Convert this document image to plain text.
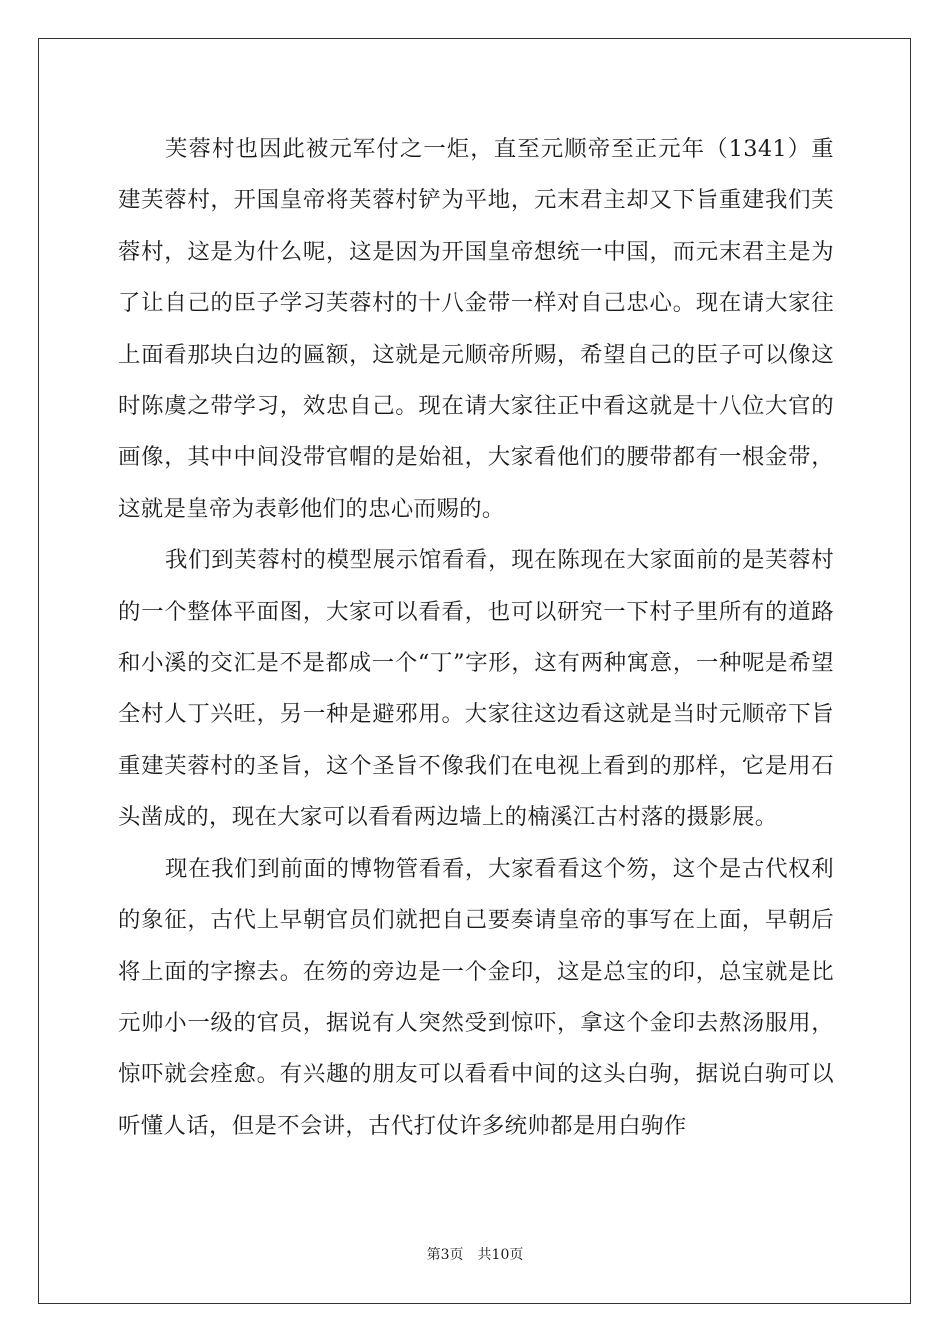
芙蓉村也因此被元军付之一炬，直至元顺帝至正元年（1341）重建芙蓉村，开国皇帝将芙蓉村铲为平地，元末君主却又下旨重建我们芙蓉村，这是为什么呢，这是因为开国皇帝想统一中国，而元末君主是为了让自己的臣子学习芙蓉村的十八金带一样对自己忠心。现在请大家往上面看那块白边的匾额，这就是元顺帝所赐，希望自己的臣子可以像这时陈虞之带学习，效忠自己。现在请大家往正中看这就是十八位大官的画像，其中中间没带官帽的是始祖，大家看他们的腰带都有一根金带，这就是皇帝为表彰他们的忠心而赐的。

我们到芙蓉村的模型展示馆看看，现在陈现在大家面前的是芙蓉村的一个整体平面图，大家可以看看，也可以研究一下村子里所有的道路和小溪的交汇是不是都成一个“丁”字形，这有两种寓意，一种呢是希望全村人丁兴旺，另一种是避邪用。大家往这边看这就是当时元顺帝下旨重建芙蓉村的圣旨，这个圣旨不像我们在电视上看到的那样，它是用石头凿成的，现在大家可以看看两边墙上的楠溪江古村落的摄影展。

现在我们到前面的博物管看看，大家看看这个笏，这个是古代权利的象征，古代上早朝官员们就把自己要奏请皇帝的事写在上面，早朝后将上面的字擦去。在笏的旁边是一个金印，这是总宝的印，总宝就是比元帅小一级的官员，据说有人突然受到惊吓，拿这个金印去熬汤服用，惊吓就会痊愈。有兴趣的朋友可以看看中间的这头白驹，据说白驹可以听懂人话，但是不会讲，古代打仗许多统帅都是用白驹作

第3页 共10页
